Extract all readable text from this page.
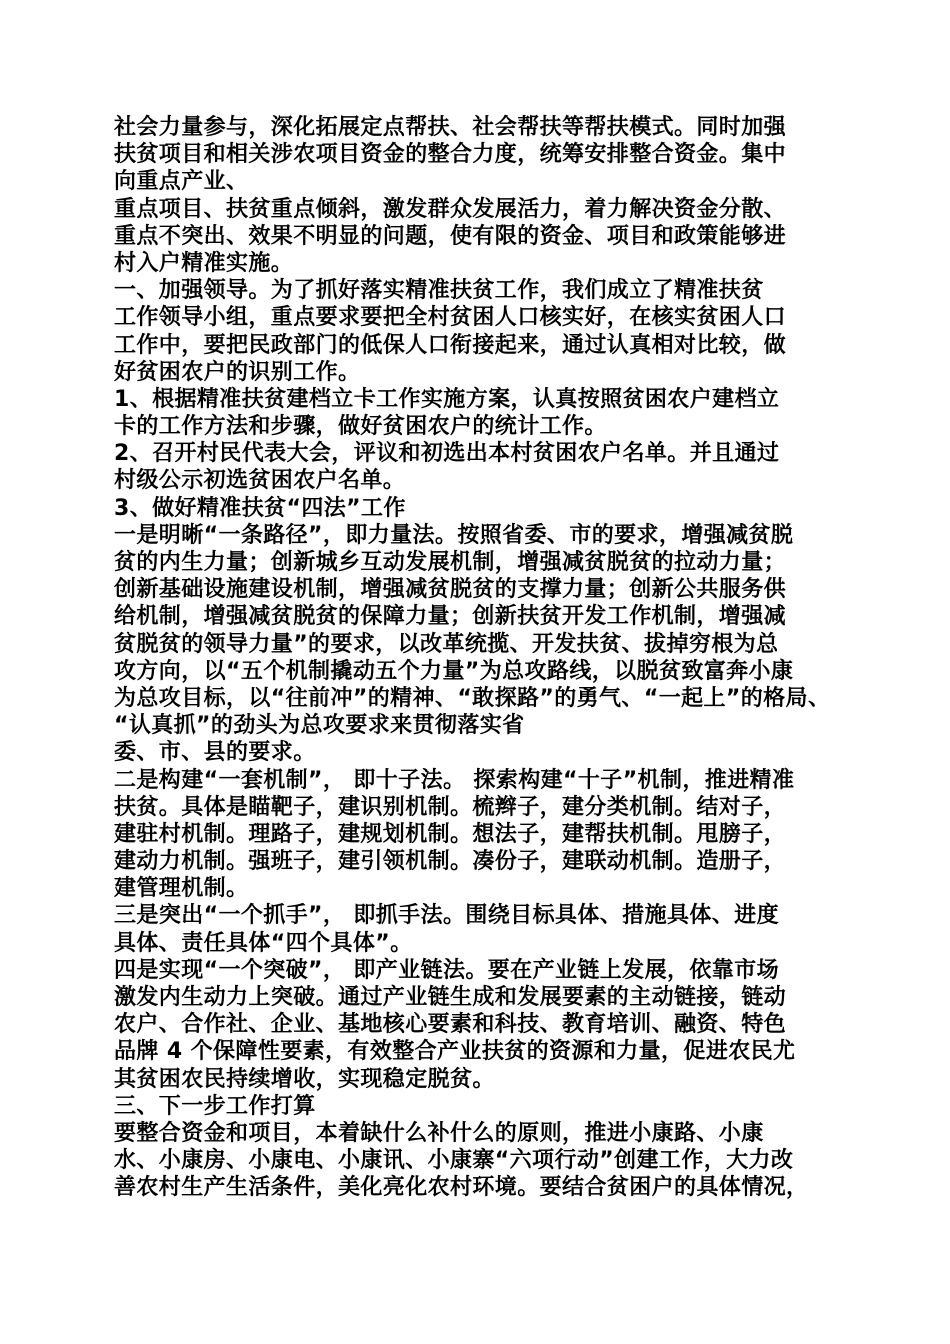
社会力量参与，深化拓展定点帮扶、社会帮扶等帮扶模式。同时加强
扶贫项目和相关涉农项目资金的整合力度，统筹安排整合资金。集中
向重点产业、
重点项目、扶贫重点倾斜，激发群众发展活力，着力解决资金分散、
重点不突出、效果不明显的问题，使有限的资金、项目和政策能够进
村入户精准实施。
一、加强领导。为了抓好落实精准扶贫工作，我们成立了精准扶贫
工作领导小组，重点要求要把全村贫困人口核实好，在核实贫困人口
工作中，要把民政部门的低保人口衔接起来，通过认真相对比较，做
好贫困农户的识别工作。
1、根据精准扶贫建档立卡工作实施方案，认真按照贫困农户建档立
卡的工作方法和步骤，做好贫困农户的统计工作。
2、召开村民代表大会，评议和初选出本村贫困农户名单。并且通过
村级公示初选贫困农户名单。
3、做好精准扶贫“四法”工作
一是明晰“一条路径”，即力量法。按照省委、市的要求，增强减贫脱
贫的内生力量；创新城乡互动发展机制，增强减贫脱贫的拉动力量；
创新基础设施建设机制，增强减贫脱贫的支撑力量；创新公共服务供
给机制，增强减贫脱贫的保障力量；创新扶贫开发工作机制，增强减
贫脱贫的领导力量”的要求，以改革统揽、开发扶贫、拔掉穷根为总
攻方向，以“五个机制撬动五个力量”为总攻路线，以脱贫致富奔小康
为总攻目标，以“往前冲”的精神、“敢探路”的勇气、“一起上”的格局、
“认真抓”的劲头为总攻要求来贯彻落实省
委、市、县的要求。
二是构建“一套机制”， 即十子法。 探索构建“十子”机制，推进精准
扶贫。具体是瞄靶子，建识别机制。梳辫子，建分类机制。结对子，
建驻村机制。理路子，建规划机制。想法子，建帮扶机制。甩膀子，
建动力机制。强班子，建引领机制。凑份子，建联动机制。造册子，
建管理机制。
三是突出“一个抓手”， 即抓手法。围绕目标具体、措施具体、进度
具体、责任具体“四个具体”。
四是实现“一个突破”， 即产业链法。要在产业链上发展，依靠市场
激发内生动力上突破。通过产业链生成和发展要素的主动链接，链动
农户、合作社、企业、基地核心要素和科技、教育培训、融资、特色
品牌 4 个保障性要素，有效整合产业扶贫的资源和力量，促进农民尤
其贫困农民持续增收，实现稳定脱贫。
三、下一步工作打算
要整合资金和项目，本着缺什么补什么的原则，推进小康路、小康
水、小康房、小康电、小康讯、小康寨“六项行动”创建工作，大力改
善农村生产生活条件，美化亮化农村环境。要结合贫困户的具体情况，
